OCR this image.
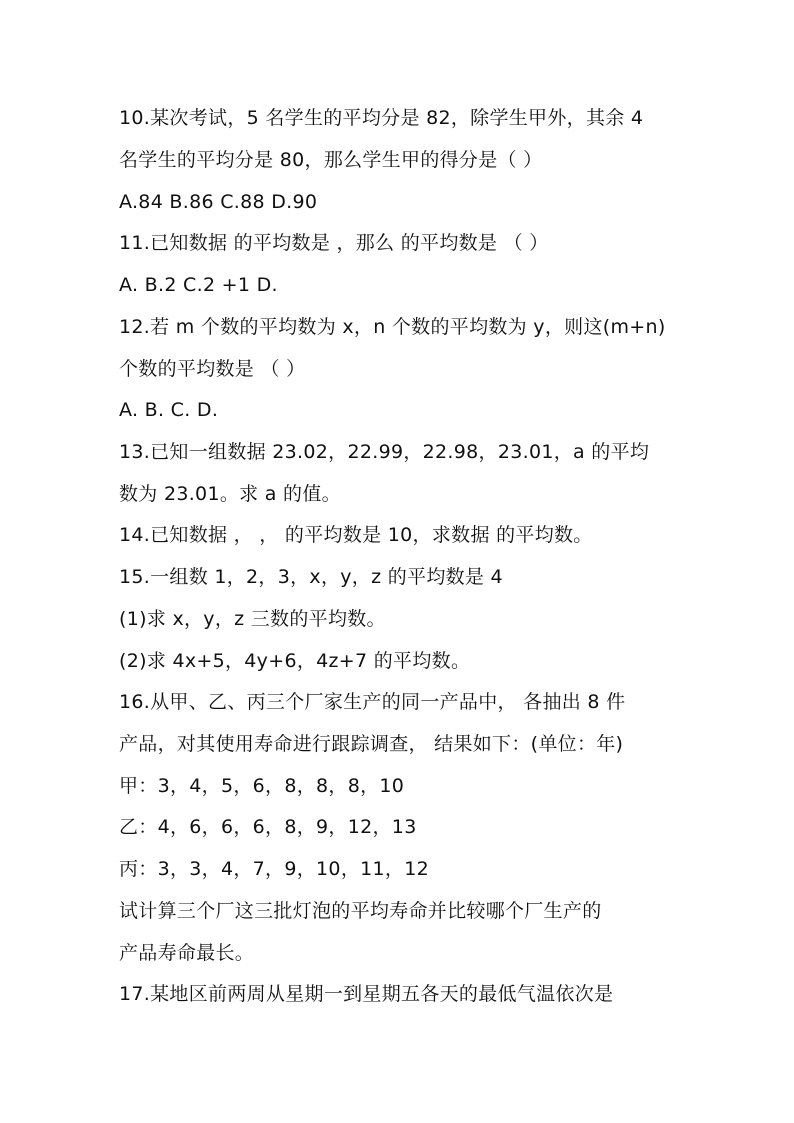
10.某次考试，5 名学生的平均分是 82，除学生甲外，其余 4
名学生的平均分是 80，那么学生甲的得分是（ ）
A.84 B.86 C.88 D.90
11.已知数据 的平均数是 ，那么 的平均数是 （ ）
A. B.2 C.2 +1 D.
12.若 m 个数的平均数为 x，n 个数的平均数为 y，则这(m+n)
个数的平均数是 （ ）
A. B. C. D.
13.已知一组数据 23.02，22.99，22.98，23.01，a 的平均
数为 23.01。求 a 的值。
14.已知数据 ， ， 的平均数是 10，求数据 的平均数。
15.一组数 1，2，3，x，y，z 的平均数是 4
(1)求 x，y，z 三数的平均数。
(2)求 4x+5，4y+6，4z+7 的平均数。
16.从甲、乙、丙三个厂家生产的同一产品中， 各抽出 8 件
产品，对其使用寿命进行跟踪调查， 结果如下：(单位：年)
甲：3，4，5，6，8，8，8，10
乙：4，6，6，6，8，9，12，13
丙：3，3，4，7，9，10，11，12
试计算三个厂这三批灯泡的平均寿命并比较哪个厂生产的
产品寿命最长。
17.某地区前两周从星期一到星期五各天的最低气温依次是
